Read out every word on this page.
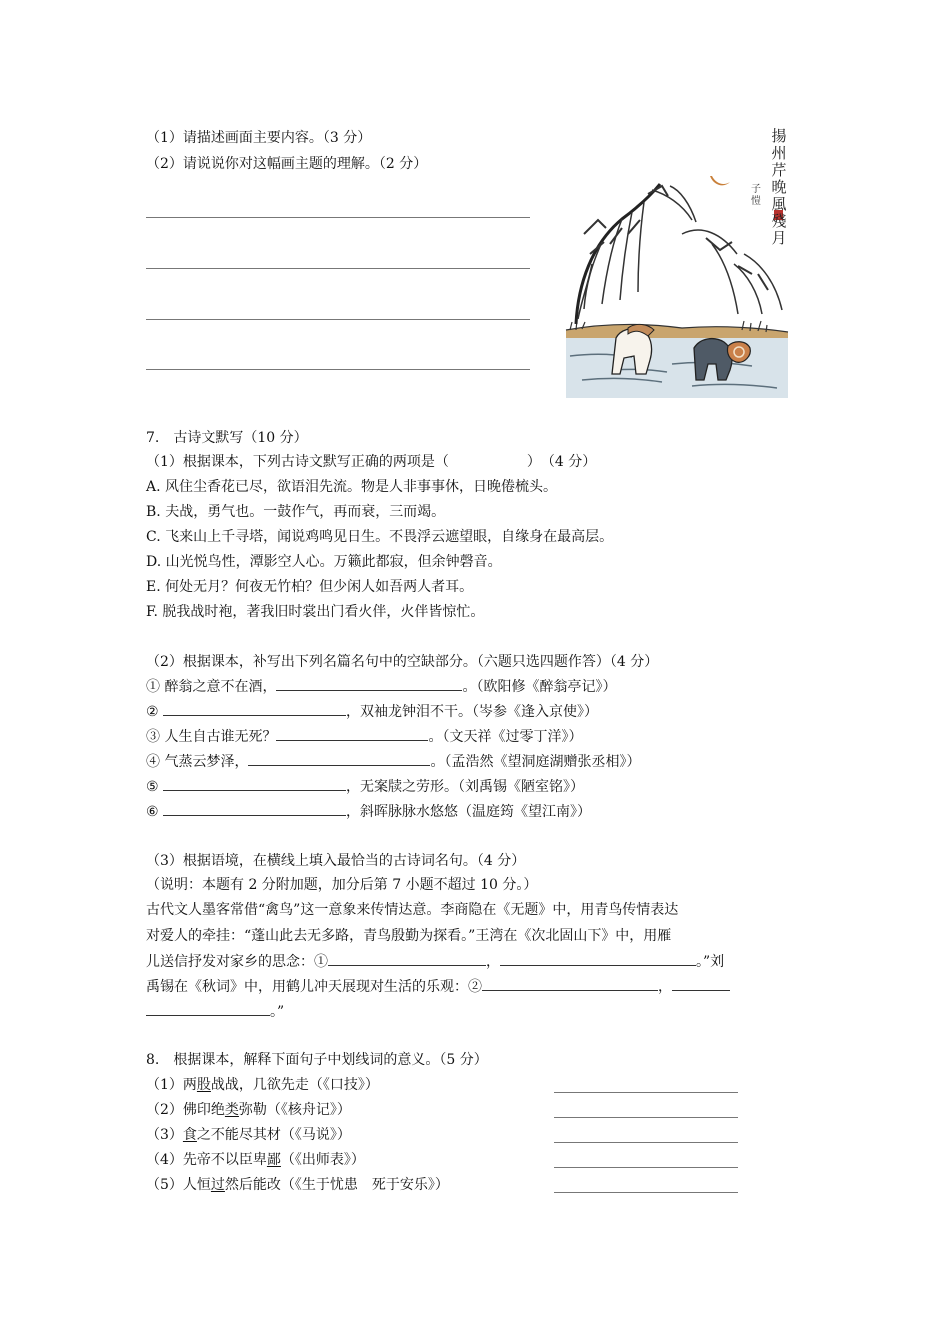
（1）请描述画面主要内容。（3 分）
（2）请说说你对这幅画主题的理解。（2 分）
揚州芹晚風殘月
子愷
7.　古诗文默写（10 分）
（1）根据课本，下列古诗文默写正确的两项是（	）　（4 分）
A. 风住尘香花已尽，欲语泪先流。物是人非事事休，日晚倦梳头。
B. 夫战，勇气也。一鼓作气，再而衰，三而竭。
C. 飞来山上千寻塔，闻说鸡鸣见日生。不畏浮云遮望眼，自缘身在最高层。
D. 山光悦鸟性，潭影空人心。万籁此都寂，但余钟磬音。
E. 何处无月？何夜无竹柏？但少闲人如吾两人者耳。
F. 脱我战时袍，著我旧时裳出门看火伴，火伴皆惊忙。
（2）根据课本，补写出下列名篇名句中的空缺部分。（六题只选四题作答）（4 分）
① 醉翁之意不在酒，	。（欧阳修《醉翁亭记》）
②	，双袖龙钟泪不干。（岑参《逢入京使》）
③ 人生自古谁无死？	。（文天祥《过零丁洋》）
④ 气蒸云梦泽，	。（孟浩然《望洞庭湖赠张丞相》）
⑤	，无案牍之劳形。（刘禹锡《陋室铭》）
⑥	，斜晖脉脉水悠悠（温庭筠《望江南》）
（3）根据语境，在横线上填入最恰当的古诗词名句。（4 分）
（说明：本题有 2 分附加题，加分后第 7 小题不超过 10 分。）
古代文人墨客常借“禽鸟”这一意象来传情达意。李商隐在《无题》中，用青鸟传情表达
对爱人的牵挂：“蓬山此去无多路，青鸟殷勤为探看。”王湾在《次北固山下》中，用雁
儿送信抒发对家乡的思念：①	，	。”刘
禹锡在《秋词》中，用鹤儿冲天展现对生活的乐观：②	，
。”
8.　根据课本，解释下面句子中划线词的意义。（5 分）
（1）两股战战，几欲先走（《口技》）
（2）佛印绝类弥勒（《核舟记》）
（3）食之不能尽其材（《马说》）
（4）先帝不以臣卑鄙（《出师表》）
（5）人恒过然后能改（《生于忧患　死于安乐》）
